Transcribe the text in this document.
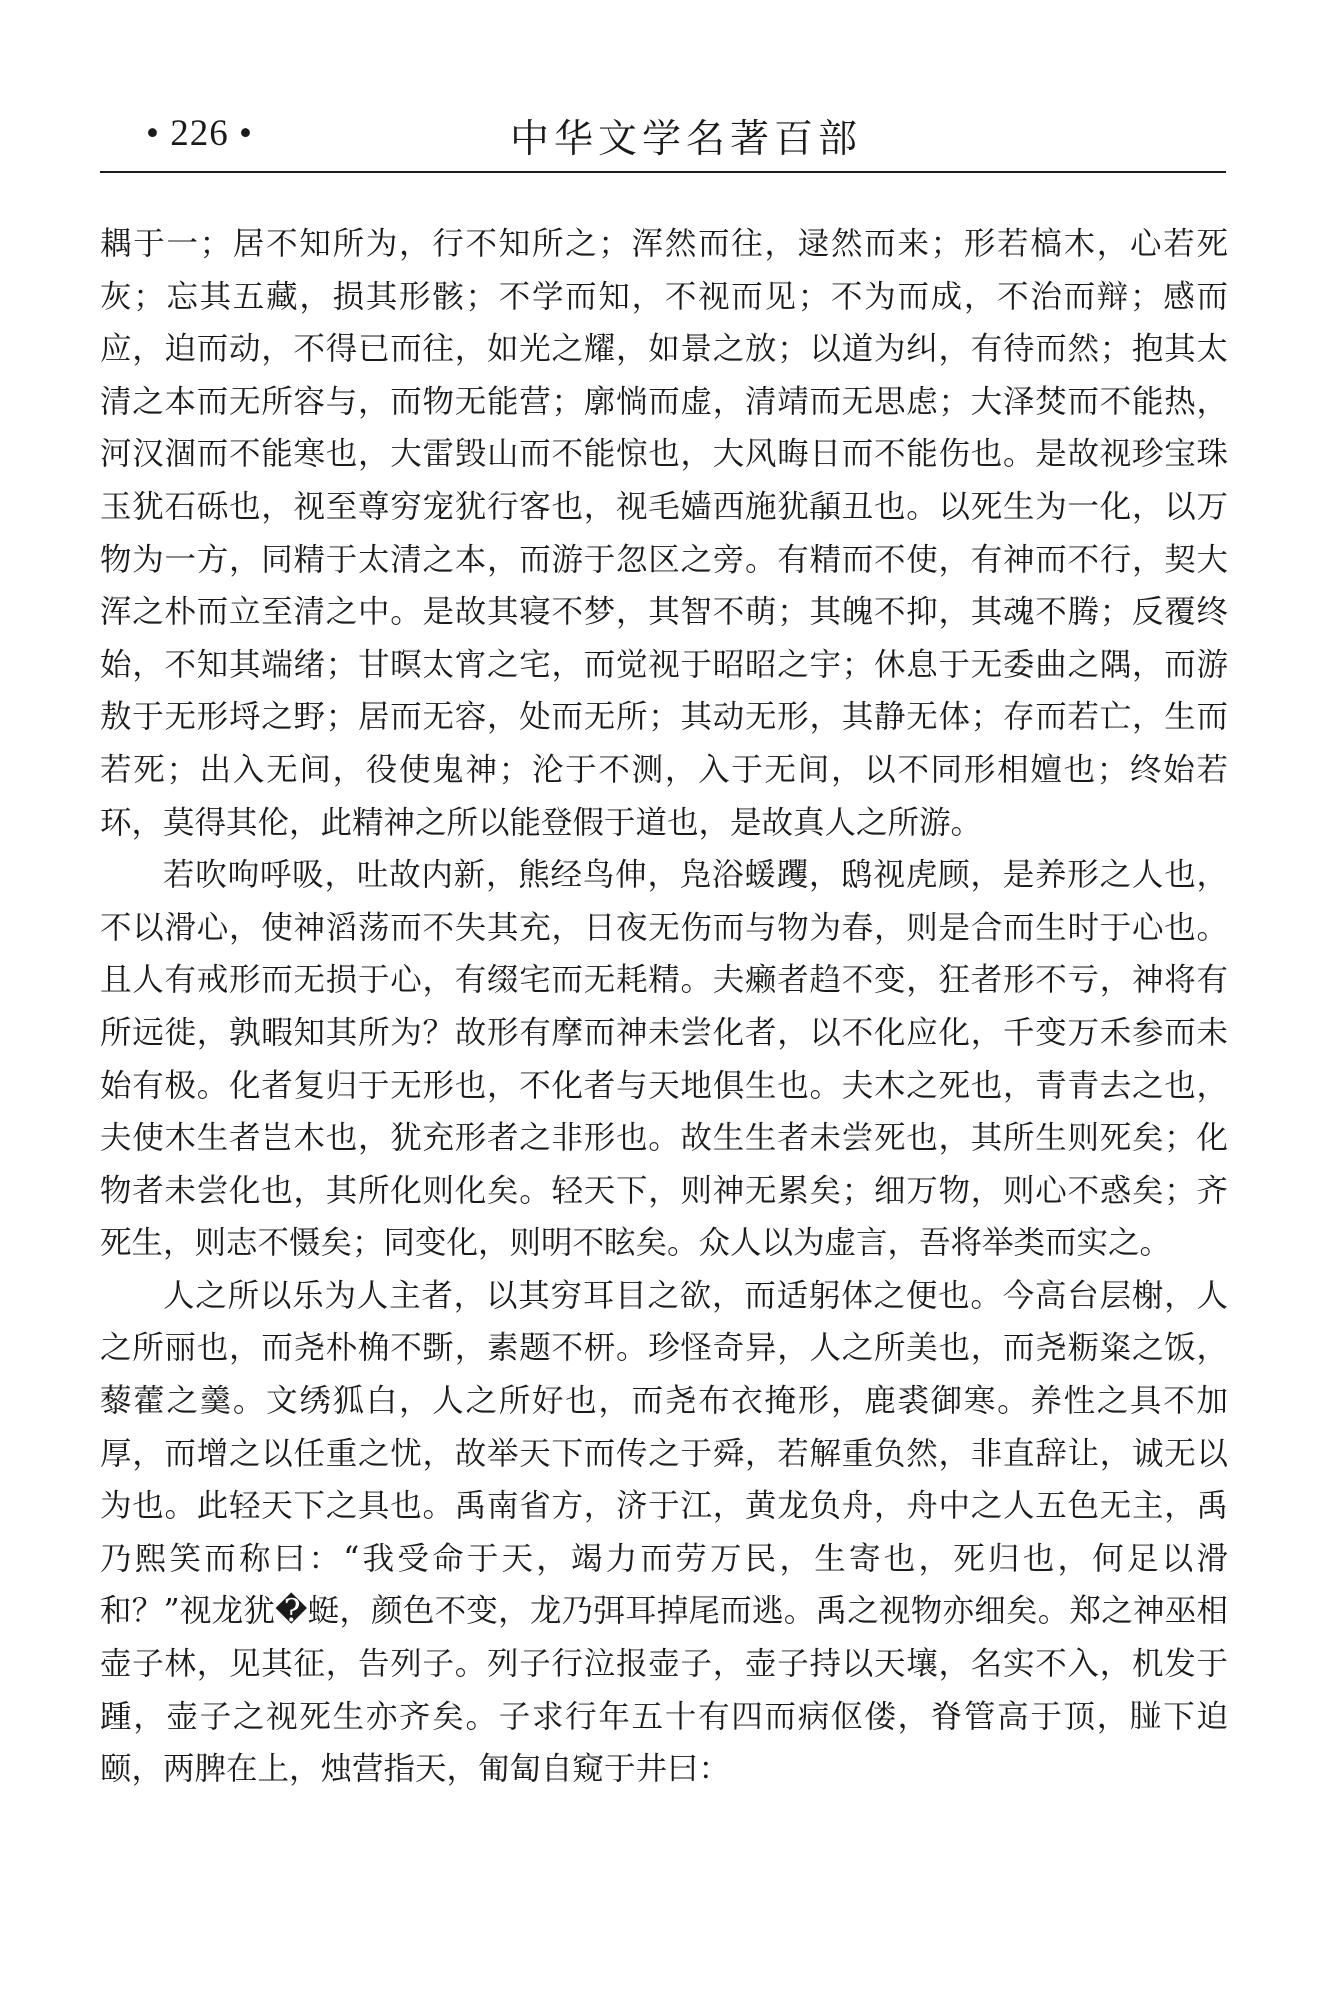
• 226 •	中华文学名著百部

耦于一；居不知所为，行不知所之；浑然而往，逯然而来；形若槁木，心若死灰；忘其五藏，损其形骸；不学而知，不视而见；不为而成，不治而辩；感而应，迫而动，不得已而往，如光之耀，如景之放；以道为纠，有待而然；抱其太清之本而无所容与，而物无能营；廓惝而虚，清靖而无思虑；大泽焚而不能热，河汉涸而不能寒也，大雷毁山而不能惊也，大风晦日而不能伤也。是故视珍宝珠玉犹石砾也，视至尊穷宠犹行客也，视毛嫱西施犹䫇丑也。以死生为一化，以万物为一方，同精于太清之本，而游于忽区之旁。有精而不使，有神而不行，契大浑之朴而立至清之中。是故其寝不梦，其智不萌；其魄不抑，其魂不腾；反覆终始，不知其端绪；甘暝太宵之宅，而觉视于昭昭之宇；休息于无委曲之隅，而游敖于无形埒之野；居而无容，处而无所；其动无形，其静无体；存而若亡，生而若死；出入无间，役使鬼神；沦于不测，入于无间，以不同形相嬗也；终始若环，莫得其伦，此精神之所以能登假于道也，是故真人之所游。

若吹呴呼吸，吐故内新，熊经鸟伸，凫浴蝯躩，鸱视虎顾，是养形之人也，不以滑心，使神滔荡而不失其充，日夜无伤而与物为春，则是合而生时于心也。且人有戒形而无损于心，有缀宅而无耗精。夫癞者趋不变，狂者形不亏，神将有所远徙，孰暇知其所为？故形有摩而神未尝化者，以不化应化，千变万禾参而未始有极。化者复归于无形也，不化者与天地俱生也。夫木之死也，青青去之也，夫使木生者岂木也，犹充形者之非形也。故生生者未尝死也，其所生则死矣；化物者未尝化也，其所化则化矣。轻天下，则神无累矣；细万物，则心不惑矣；齐死生，则志不慑矣；同变化，则明不眩矣。众人以为虚言，吾将举类而实之。

人之所以乐为人主者，以其穷耳目之欲，而适躬体之便也。今高台层榭，人之所丽也，而尧朴桷不斲，素题不枅。珍怪奇异，人之所美也，而尧粝粢之饭，藜藿之羹。文绣狐白，人之所好也，而尧布衣掩形，鹿裘御寒。养性之具不加厚，而增之以任重之忧，故举天下而传之于舜，若解重负然，非直辞让，诚无以为也。此轻天下之具也。禹南省方，济于江，黄龙负舟，舟中之人五色无主，禹乃熙笑而称曰：“我受命于天，竭力而劳万民，生寄也，死归也，何足以滑和？”视龙犹�蜓，颜色不变，龙乃弭耳掉尾而逃。禹之视物亦细矣。郑之神巫相壶子林，见其征，告列子。列子行泣报壶子，壶子持以天壤，名实不入，机发于踵，壶子之视死生亦齐矣。子求行年五十有四而病伛偻，脊管高于顶，𦝤下迫颐，两脾在上，烛营指天，匍匐自窥于井曰：
